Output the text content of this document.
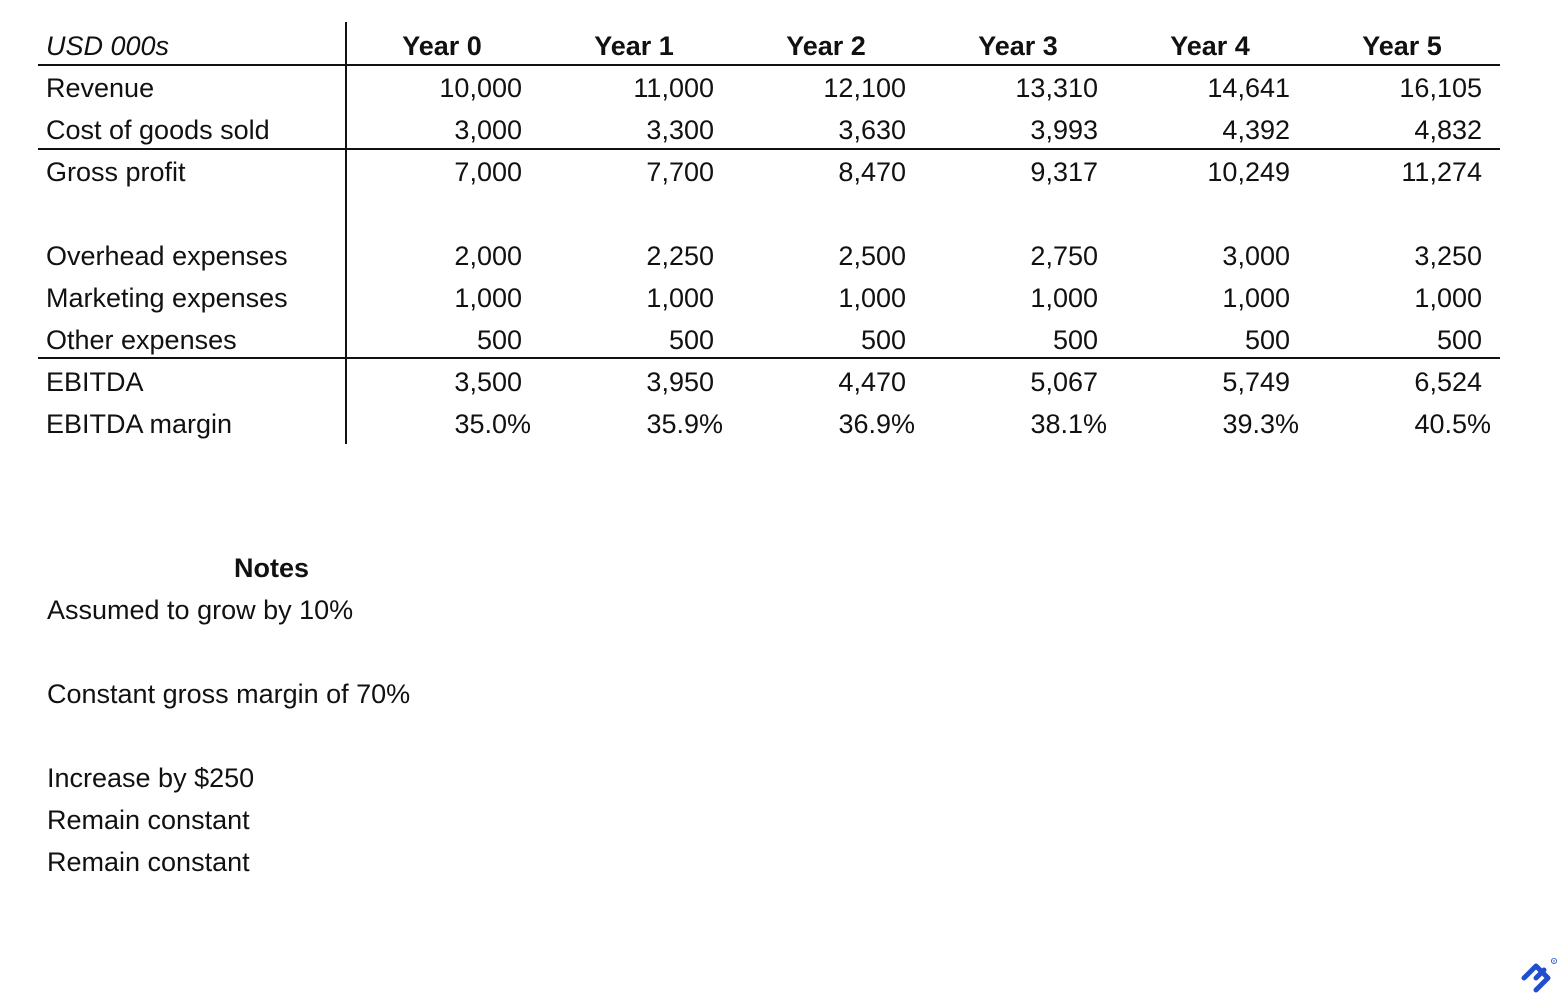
USD 000s	Year 0	Year 1	Year 2	Year 3	Year 4	Year 5
Revenue	10,000	11,000	12,100	13,310	14,641	16,105
Cost of goods sold	3,000	3,300	3,630	3,993	4,392	4,832
Gross profit	7,000	7,700	8,470	9,317	10,249	11,274
Overhead expenses	2,000	2,250	2,500	2,750	3,000	3,250
Marketing expenses	1,000	1,000	1,000	1,000	1,000	1,000
Other expenses	500	500	500	500	500	500
EBITDA	3,500	3,950	4,470	5,067	5,749	6,524
EBITDA margin	35.0%	35.9%	36.9%	38.1%	39.3%	40.5%
Notes
Assumed to grow by 10%
Constant gross margin of 70%
Increase by $250
Remain constant
Remain constant
R
